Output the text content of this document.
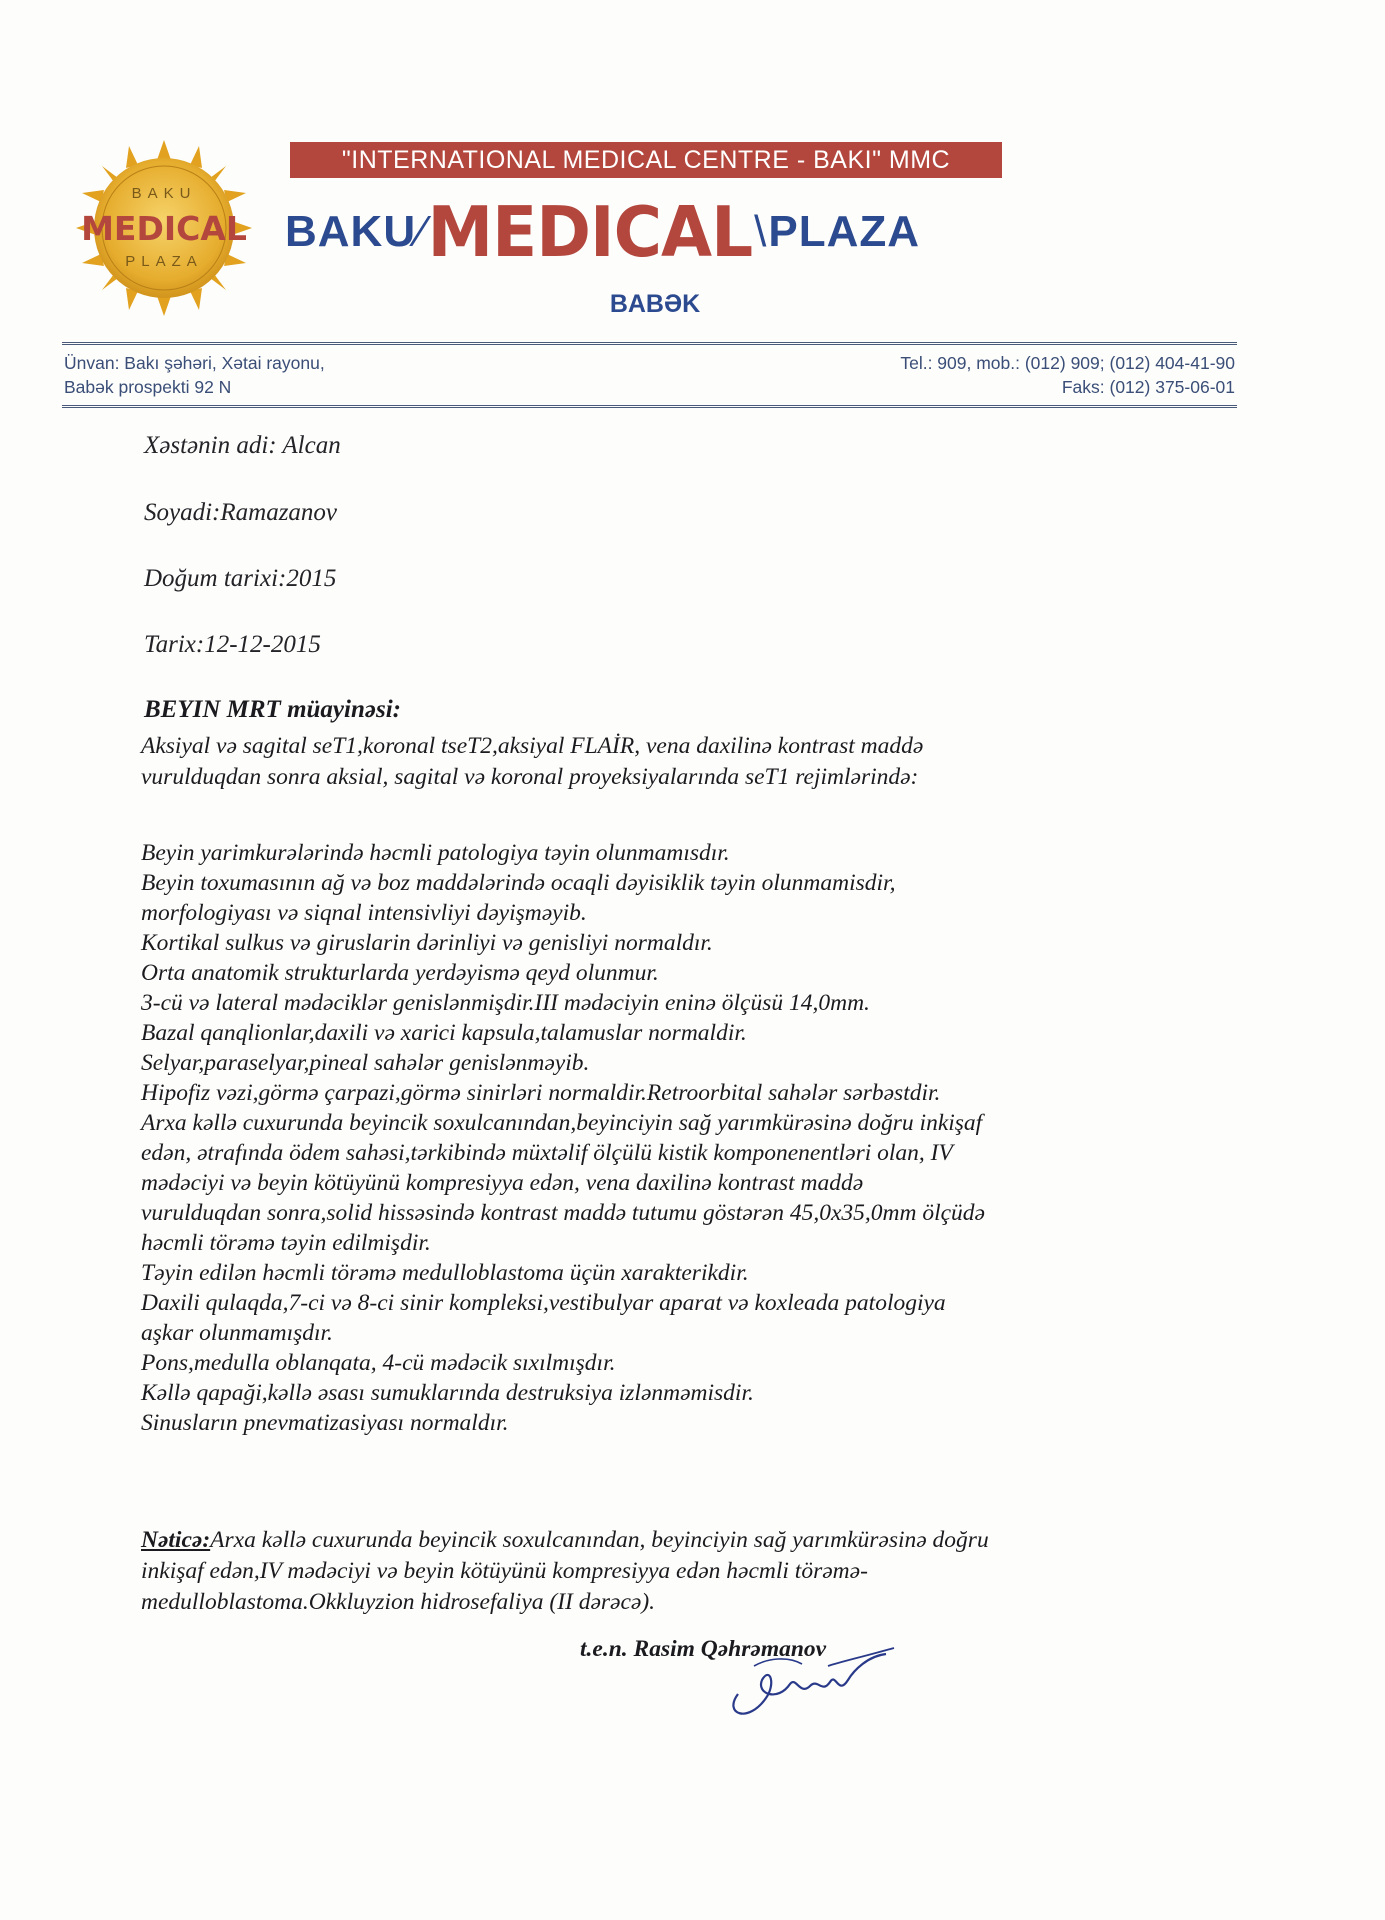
BAKU
MEDICAL
PLAZA
"INTERNATIONAL MEDICAL CENTRE - BAKI" MMC
BAKU ⁄ MEDICAL \ PLAZA
BABƏK
Ünvan: Bakı şəhəri, Xətai rayonu,
Babək prospekti 92 N
Tel.: 909, mob.: (012) 909; (012) 404-41-90
Faks: (012) 375-06-01
Xəstənin adi: Alcan
Soyadi:Ramazanov
Doğum tarixi:2015
Tarix:12-12-2015
BEYIN MRT müayinəsi:

Aksiyal və sagital seT1,koronal tseT2,aksiyal FLAİR, vena daxilinə kontrast maddə

vurulduqdan sonra aksial, sagital və koronal proyeksiyalarında seT1 rejimlərində:

Beyin yarimkurələrində həcmli patologiya təyin olunmamısdır.

Beyin toxumasının ağ və boz maddələrində ocaqli dəyisiklik təyin olunmamisdir,

morfologiyası və siqnal intensivliyi dəyişməyib.

Kortikal sulkus və giruslarin dərinliyi və genisliyi normaldır.

Orta anatomik strukturlarda yerdəyismə qeyd olunmur.

3-cü və lateral mədəciklər genislənmişdir.III mədəciyin eninə ölçüsü 14,0mm.

Bazal qanqlionlar,daxili və xarici kapsula,talamuslar normaldir.

Selyar,paraselyar,pineal sahələr genislənməyib.

Hipofiz vəzi,görmə çarpazi,görmə sinirləri normaldir.Retroorbital sahələr sərbəstdir.

Arxa kəllə cuxurunda beyincik soxulcanından,beyinciyin sağ yarımkürəsinə doğru inkişaf

edən, ətrafında ödem sahəsi,tərkibində müxtəlif ölçülü kistik komponenentləri olan, IV

mədəciyi və beyin kötüyünü kompresiyya edən, vena daxilinə kontrast maddə

vurulduqdan sonra,solid hissəsində kontrast maddə tutumu göstərən 45,0x35,0mm ölçüdə

həcmli törəmə təyin edilmişdir.

Təyin edilən həcmli törəmə medulloblastoma üçün xarakterikdir.

Daxili qulaqda,7-ci və 8-ci sinir kompleksi,vestibulyar aparat və koxleada patologiya

aşkar olunmamışdır.

Pons,medulla oblanqata, 4-cü mədəcik sıxılmışdır.

Kəllə qapaği,kəllə əsası sumuklarında destruksiya izlənməmisdir.

Sinusların pnevmatizasiyası normaldır.

Nəticə:Arxa kəllə cuxurunda beyincik soxulcanından, beyinciyin sağ yarımkürəsinə doğru

inkişaf edən,IV mədəciyi və beyin kötüyünü kompresiyya edən həcmli törəmə-

medulloblastoma.Okkluyzion hidrosefaliya (II dərəcə).

t.e.n. Rasim Qəhrəmanov
